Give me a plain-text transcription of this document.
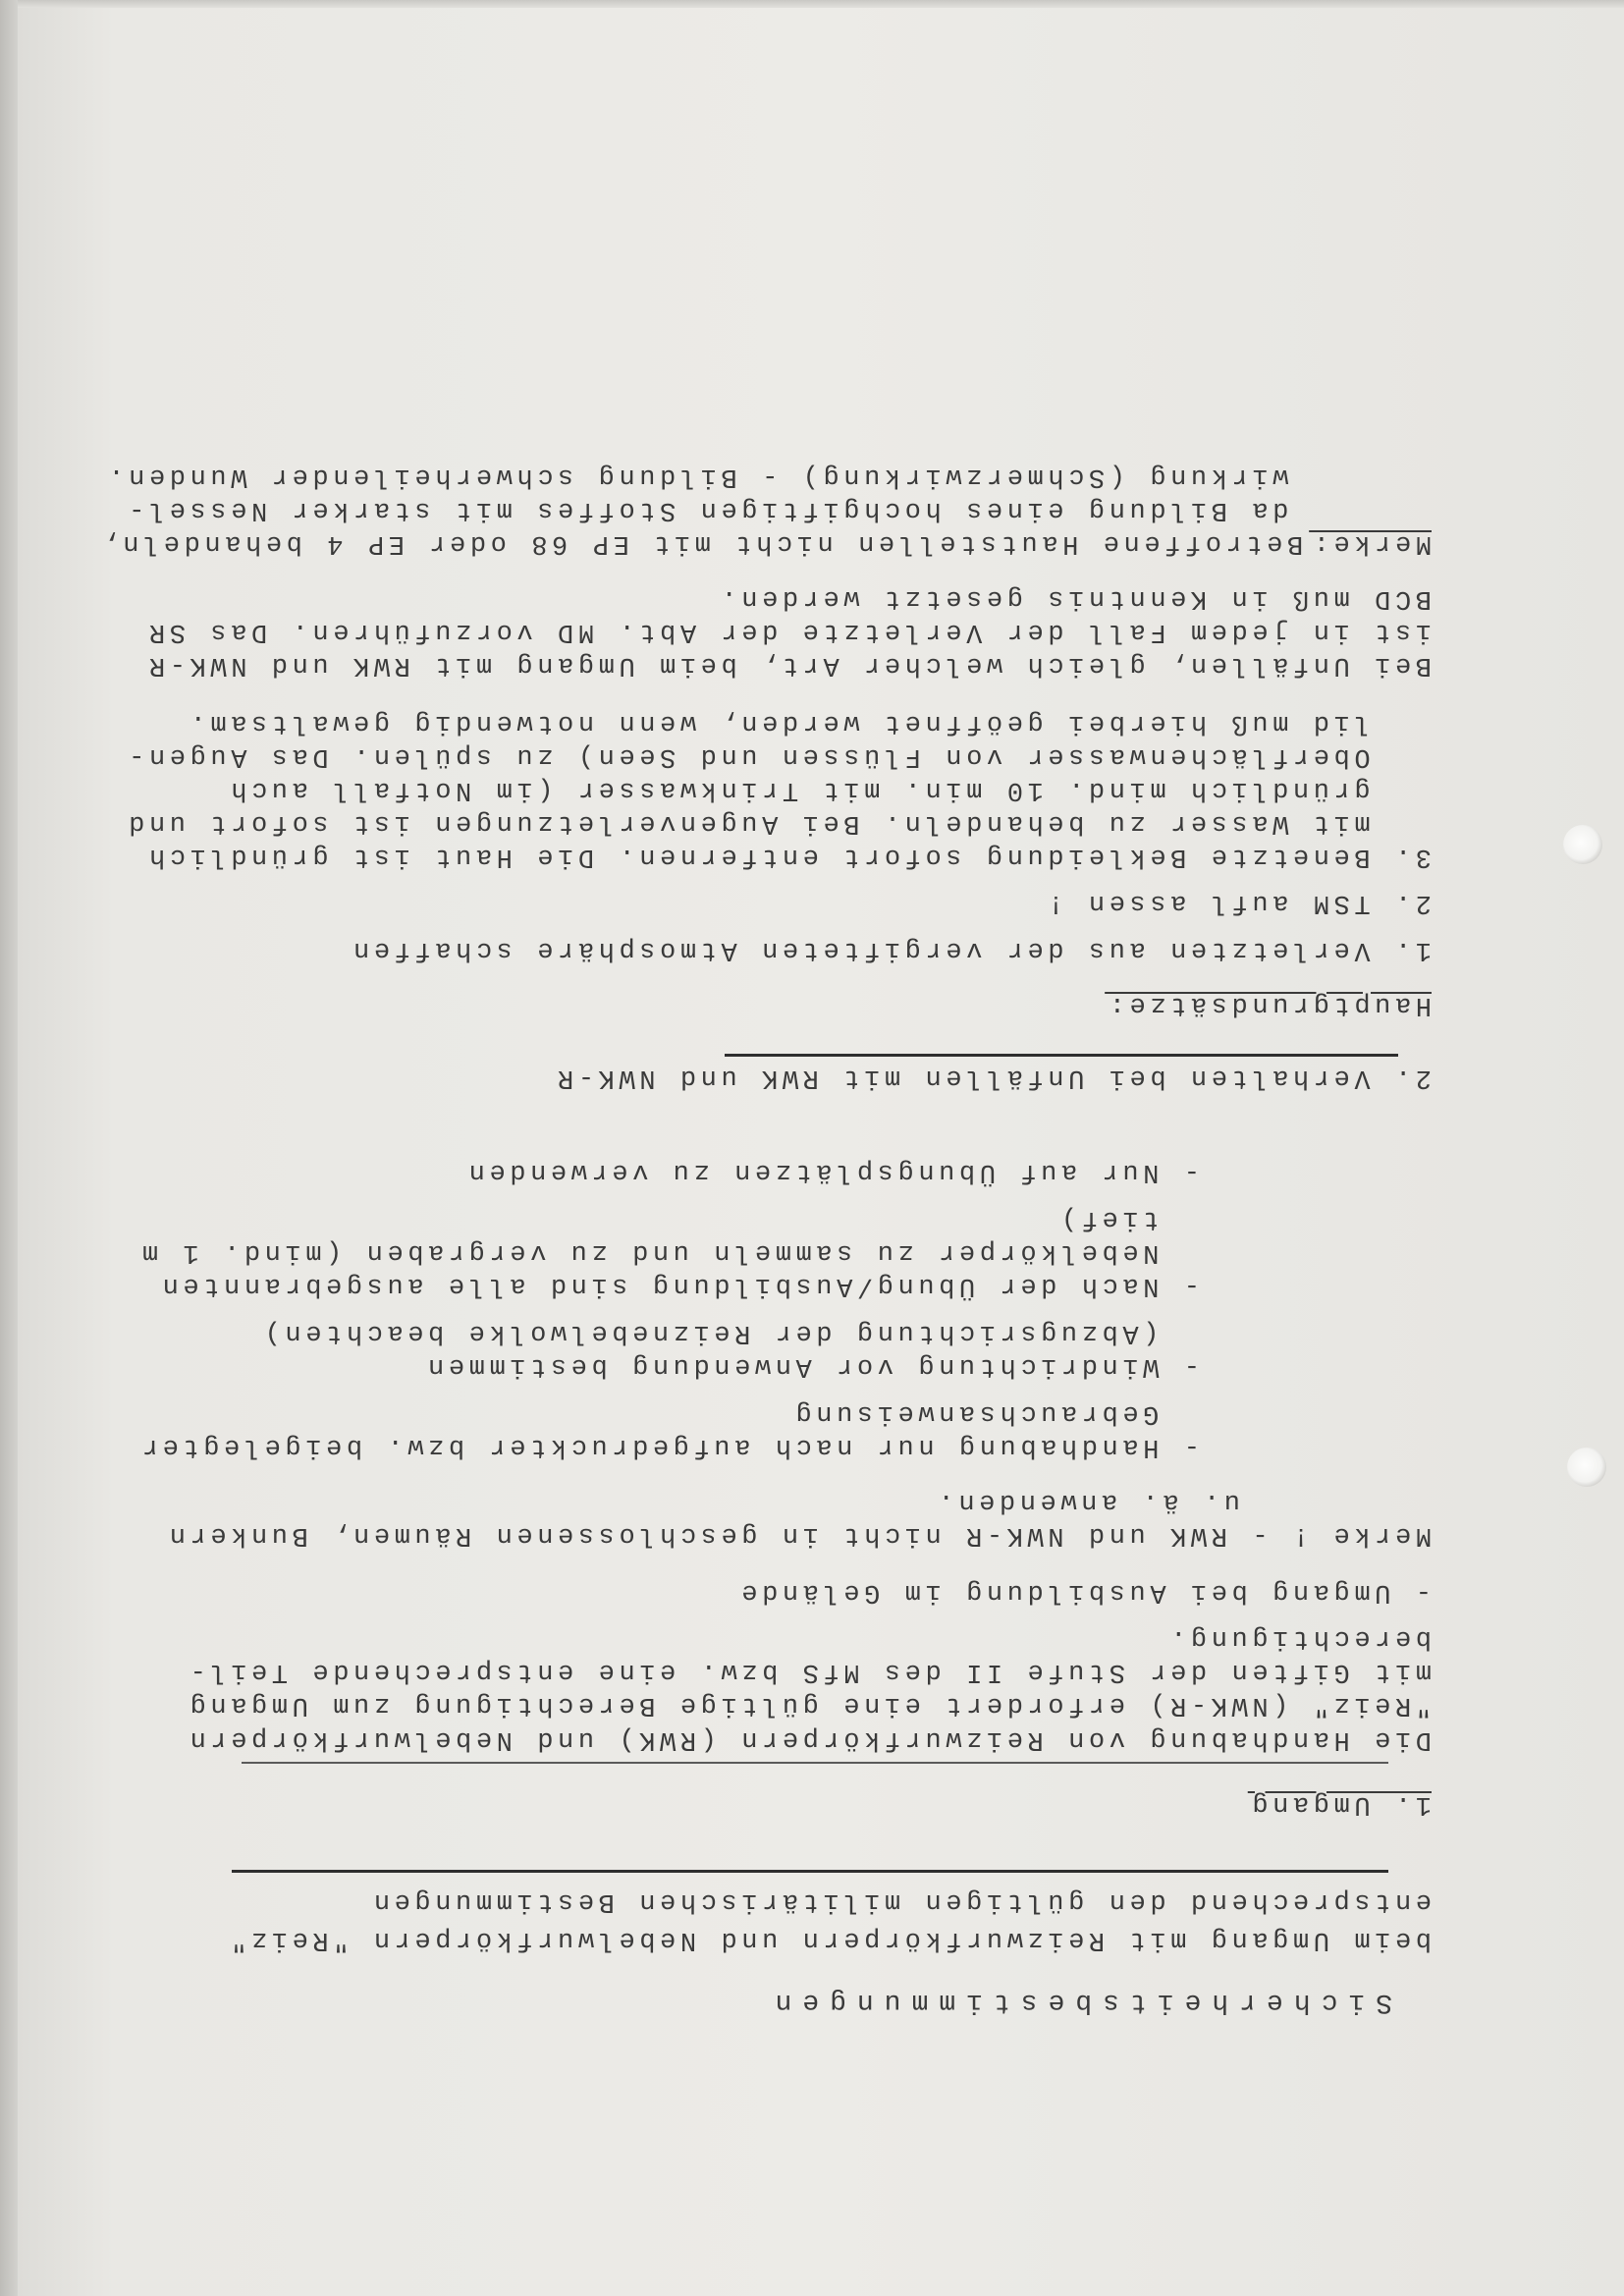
Sicherheitsbestimmungen
beim Umgang mit Reizwurfkörpern und Nebelwurfkörpern "Reiz"
entsprechend den gültigen militärischen Bestimmungen
1. Umgang
Die Handhabung von Reizwurfkörpern (RWK) und Nebelwurfkörpern
"Reiz" (NWK-R) erfordert eine gültige Berechtigung zum Umgang
mit Giften der Stufe II des MfS bzw. eine entsprechende Teil-
berechtigung.
- Umgang bei Ausbildung im Gelände
Merke ! - RWK und NWK-R nicht in geschlossenen Räumen, Bunkern
u. ä. anwenden.
- Handhabung nur nach aufgedruckter bzw. beigelegter
Gebrauchsanweisung
- Windrichtung vor Anwendung bestimmen
(Abzugsrichtung der Reiznebelwolke beachten)
- Nach der Übung/Ausbildung sind alle ausgebrannten
Nebelkörper zu sammeln und zu vergraben (mind. 1 m
tief)
- Nur auf Übungsplätzen zu verwenden
2. Verhalten bei Unfällen mit RWK und NWK-R
Hauptgrundsätze:
1. Verletzten aus der vergifteten Atmosphäre schaffen
2. TSM aufl assen !
3. Benetzte Bekleidung sofort entfernen. Die Haut ist gründlich
mit Wasser zu behandeln. Bei Augenverletzungen ist sofort und
gründlich mind. 10 min. mit Trinkwasser (im Notfall auch
Oberflächenwasser von Flüssen und Seen) zu spülen. Das Augen-
lid muß hierbei geöffnet werden, wenn notwendig gewaltsam.
Bei Unfällen, gleich welcher Art, beim Umgang mit RWK und NWK-R
ist in jedem Fall der Verletzte der Abt. MD vorzuführen. Das SR
BCD muß in Kenntnis gesetzt werden.
Merke:
Betroffene Hautstellen nicht mit EP 68 oder EP 4 behandeln,
da Bildung eines hochgiftigen Stoffes mit starker Nessel-
wirkung (Schmerzwirkung) - Bildung schwerheilender Wunden.
